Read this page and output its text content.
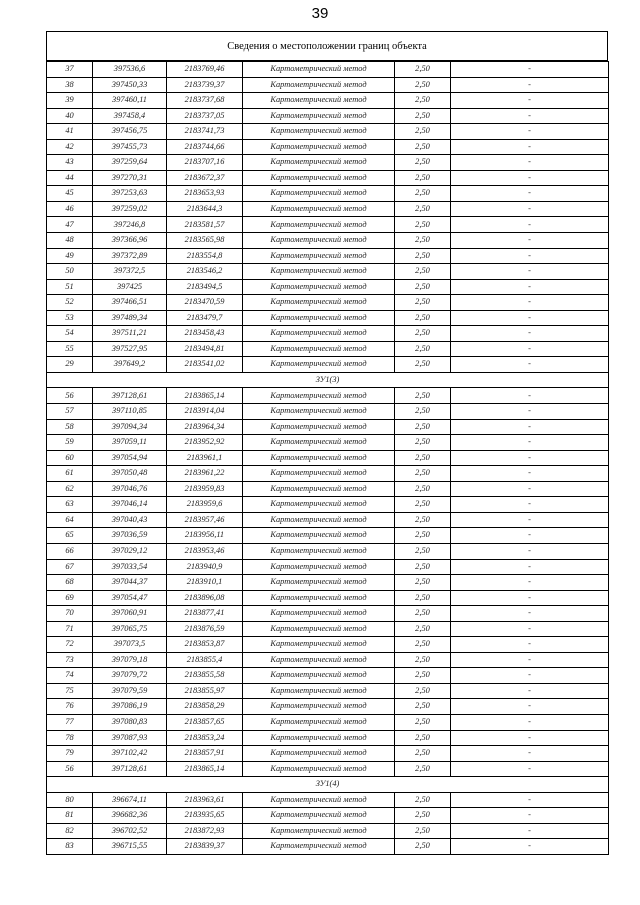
39
Сведения о местоположении границ объекта
37	397536,6	2183769,46	Картометрический метод	2,50	-
38	397450,33	2183739,37	Картометрический метод	2,50	-
39	397460,11	2183737,68	Картометрический метод	2,50	-
40	397458,4	2183737,05	Картометрический метод	2,50	-
41	397456,75	2183741,73	Картометрический метод	2,50	-
42	397455,73	2183744,66	Картометрический метод	2,50	-
43	397259,64	2183707,16	Картометрический метод	2,50	-
44	397270,31	2183672,37	Картометрический метод	2,50	-
45	397253,63	2183653,93	Картометрический метод	2,50	-
46	397259,02	2183644,3	Картометрический метод	2,50	-
47	397246,8	2183581,57	Картометрический метод	2,50	-
48	397366,96	2183565,98	Картометрический метод	2,50	-
49	397372,89	2183554,8	Картометрический метод	2,50	-
50	397372,5	2183546,2	Картометрический метод	2,50	-
51	397425	2183494,5	Картометрический метод	2,50	-
52	397466,51	2183470,59	Картометрический метод	2,50	-
53	397489,34	2183479,7	Картометрический метод	2,50	-
54	397511,21	2183458,43	Картометрический метод	2,50	-
55	397527,95	2183494,81	Картометрический метод	2,50	-
29	397649,2	2183541,02	Картометрический метод	2,50	-
ЗУ1(3)					
56	397128,61	2183865,14	Картометрический метод	2,50	-
57	397110,85	2183914,04	Картометрический метод	2,50	-
58	397094,34	2183964,34	Картометрический метод	2,50	-
59	397059,11	2183952,92	Картометрический метод	2,50	-
60	397054,94	2183961,1	Картометрический метод	2,50	-
61	397050,48	2183961,22	Картометрический метод	2,50	-
62	397046,76	2183959,83	Картометрический метод	2,50	-
63	397046,14	2183959,6	Картометрический метод	2,50	-
64	397040,43	2183957,46	Картометрический метод	2,50	-
65	397036,59	2183956,11	Картометрический метод	2,50	-
66	397029,12	2183953,46	Картометрический метод	2,50	-
67	397033,54	2183940,9	Картометрический метод	2,50	-
68	397044,37	2183910,1	Картометрический метод	2,50	-
69	397054,47	2183896,08	Картометрический метод	2,50	-
70	397060,91	2183877,41	Картометрический метод	2,50	-
71	397065,75	2183876,59	Картометрический метод	2,50	-
72	397073,5	2183853,87	Картометрический метод	2,50	-
73	397079,18	2183855,4	Картометрический метод	2,50	-
74	397079,72	2183855,58	Картометрический метод	2,50	-
75	397079,59	2183855,97	Картометрический метод	2,50	-
76	397086,19	2183858,29	Картометрический метод	2,50	-
77	397080,83	2183857,65	Картометрический метод	2,50	-
78	397087,93	2183853,24	Картометрический метод	2,50	-
79	397102,42	2183857,91	Картометрический метод	2,50	-
56	397128,61	2183865,14	Картометрический метод	2,50	-
ЗУ1(4)					
80	396674,11	2183963,61	Картометрический метод	2,50	-
81	396682,36	2183935,65	Картометрический метод	2,50	-
82	396702,52	2183872,93	Картометрический метод	2,50	-
83	396715,55	2183839,37	Картометрический метод	2,50	-
